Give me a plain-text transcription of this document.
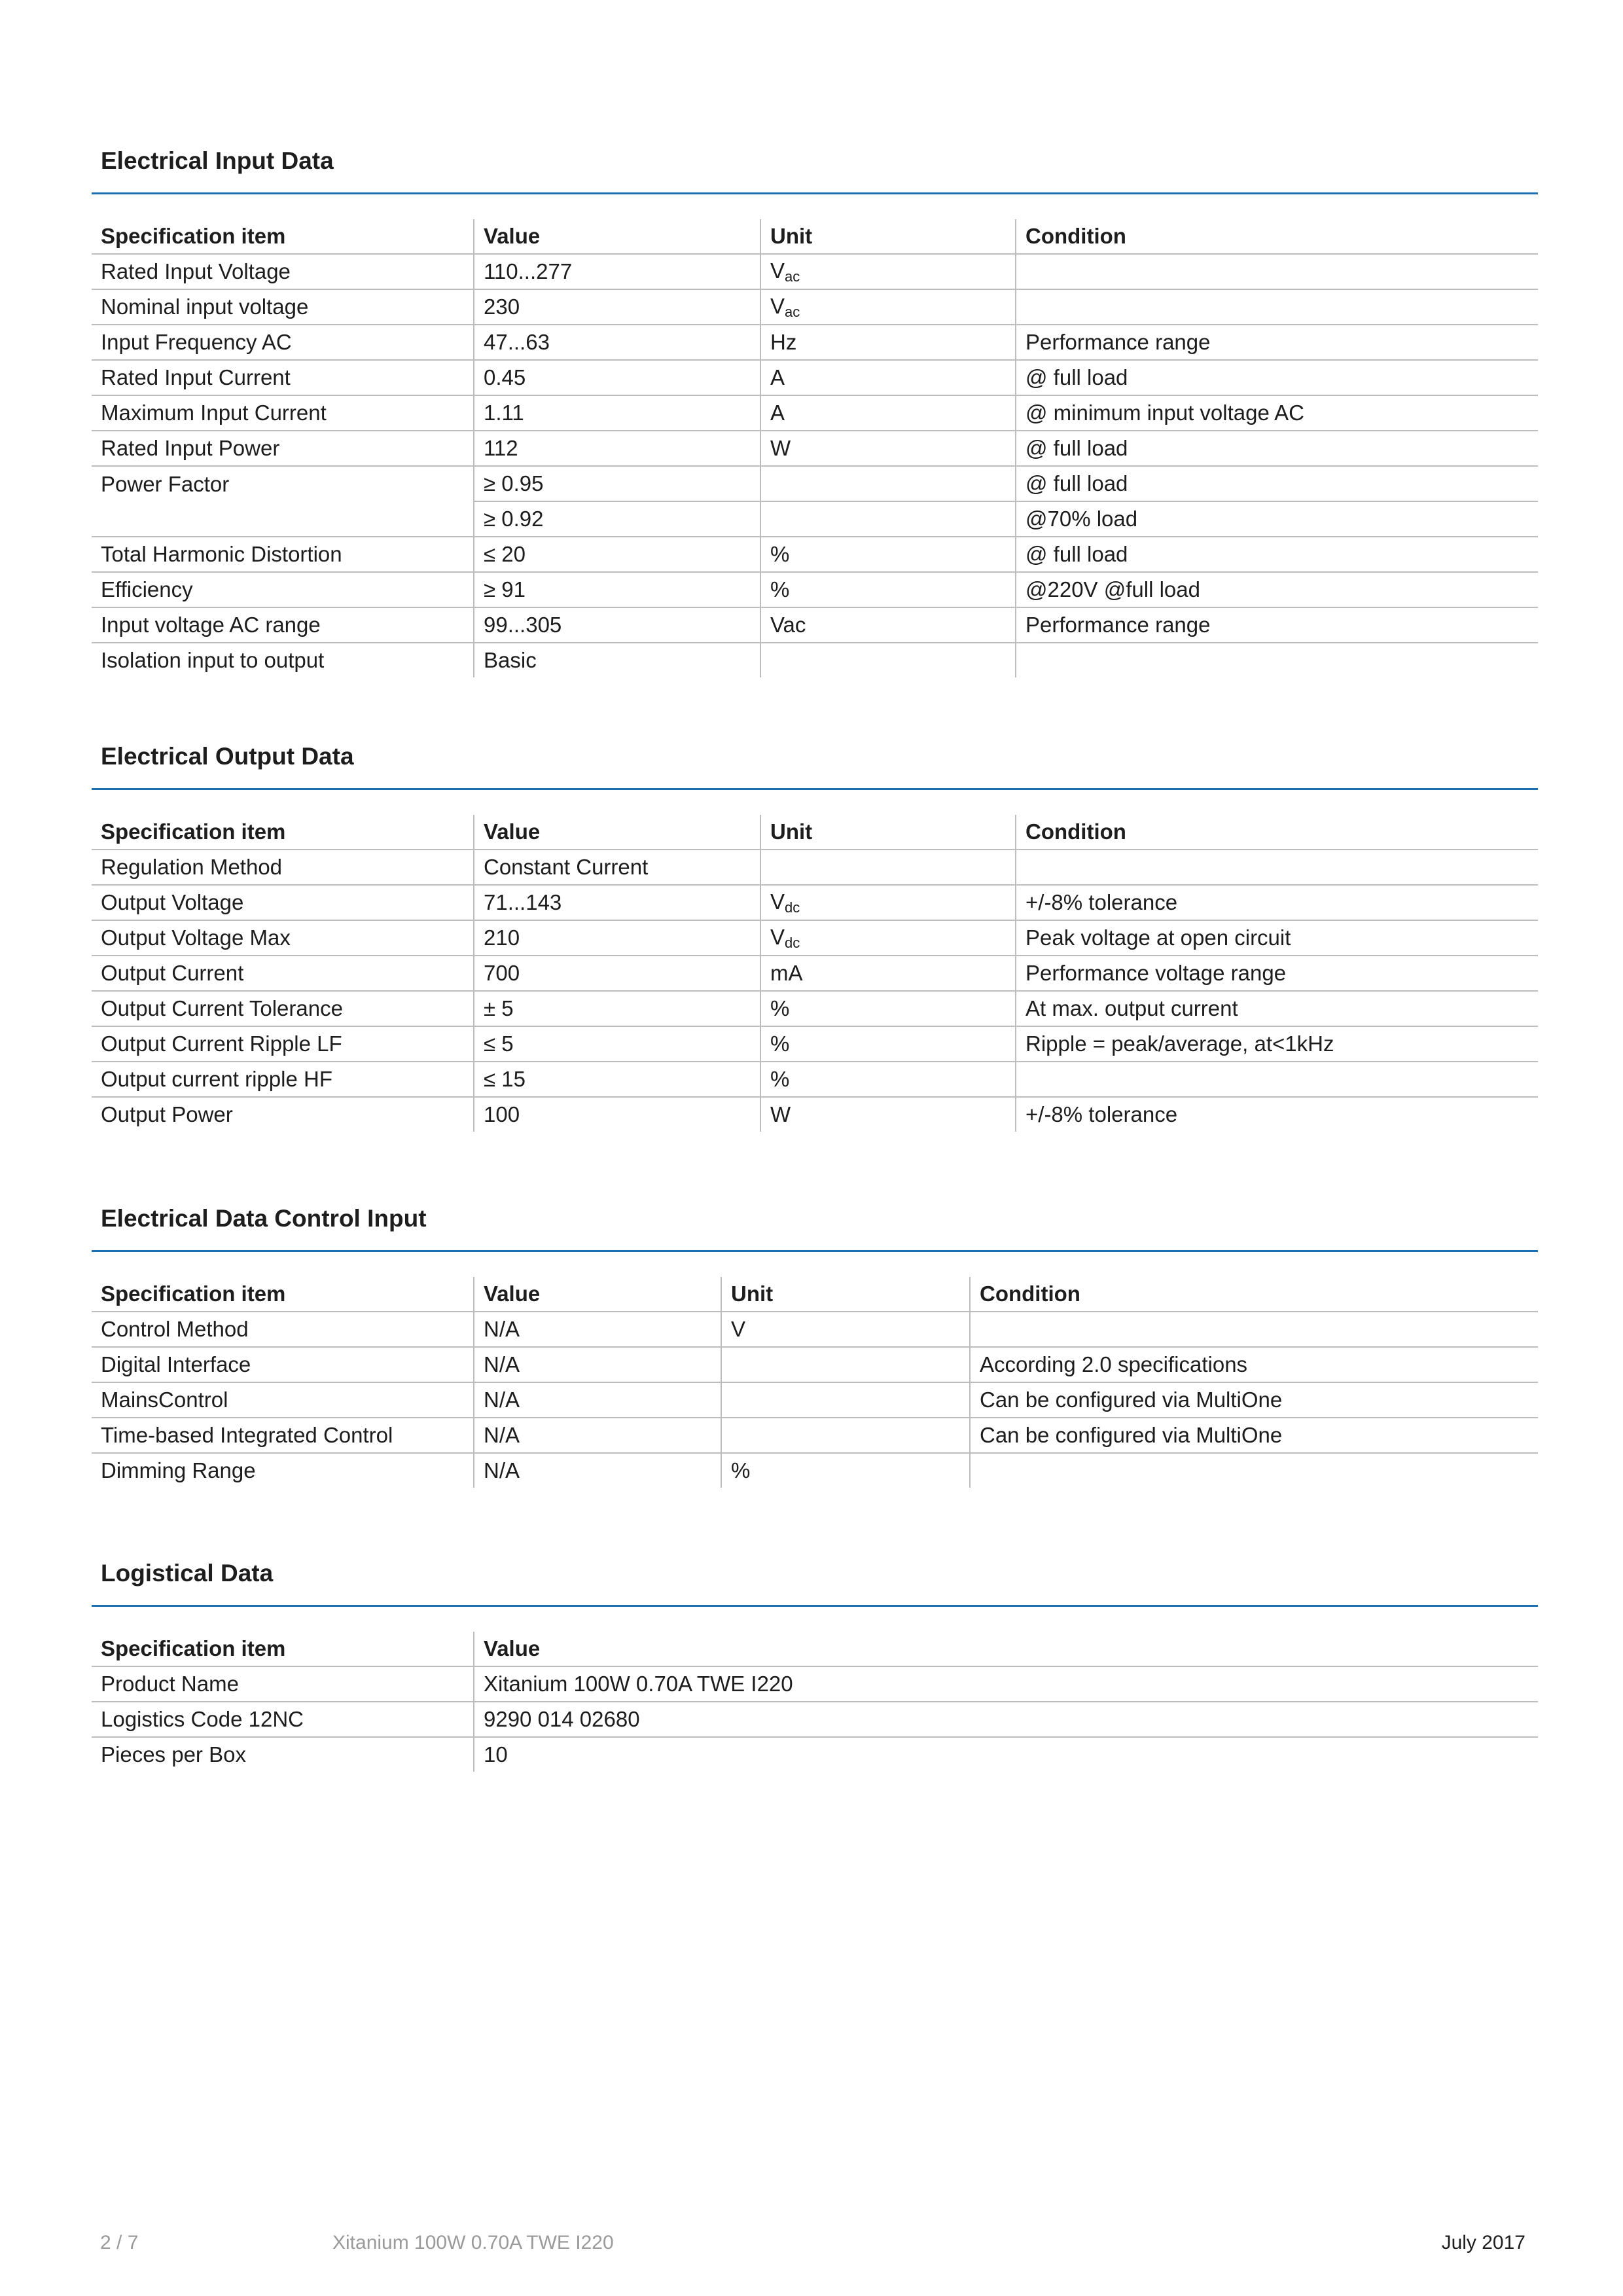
Electrical Input Data
Specification item	Value	Unit	Condition
Rated Input Voltage	110...277	$V_{ac}$	
Nominal input voltage	230	$V_{ac}$	
Input Frequency AC	47...63	Hz	Performance range
Rated Input Current	0.45	A	@ full load
Maximum Input Current	1.11	A	@ minimum input voltage AC
Rated Input Power	112	W	@ full load
Power Factor	≥ 0.95		@ full load
	≥ 0.92		@70% load
Total Harmonic Distortion	≤ 20	%	@ full load
Efficiency	≥ 91	%	@220V @full load
Input voltage AC range	99...305	Vac	Performance range
Isolation input to output	Basic		
Electrical Output Data
Specification item	Value	Unit	Condition
Regulation Method	Constant Current		
Output Voltage	71...143	$V_{dc}$	+/-8% tolerance
Output Voltage Max	210	$V_{dc}$	Peak voltage at open circuit
Output Current	700	mA	Performance voltage range
Output Current Tolerance	± 5	%	At max. output current
Output Current Ripple LF	≤ 5	%	Ripple = peak/average, at<1kHz
Output current ripple HF	≤ 15	%	
Output Power	100	W	+/-8% tolerance
Electrical Data Control Input
Specification item	Value	Unit	Condition
Control Method	N/A	V	
Digital Interface	N/A		According 2.0 specifications
MainsControl	N/A		Can be configured via MultiOne
Time-based Integrated Control	N/A		Can be configured via MultiOne
Dimming Range	N/A	%	
Logistical Data
Specification item	Value
Product Name	Xitanium 100W 0.70A TWE I220
Logistics Code 12NC	9290 014 02680
Pieces per Box	10
2 / 7	Xitanium 100W 0.70A TWE I220	July 2017
